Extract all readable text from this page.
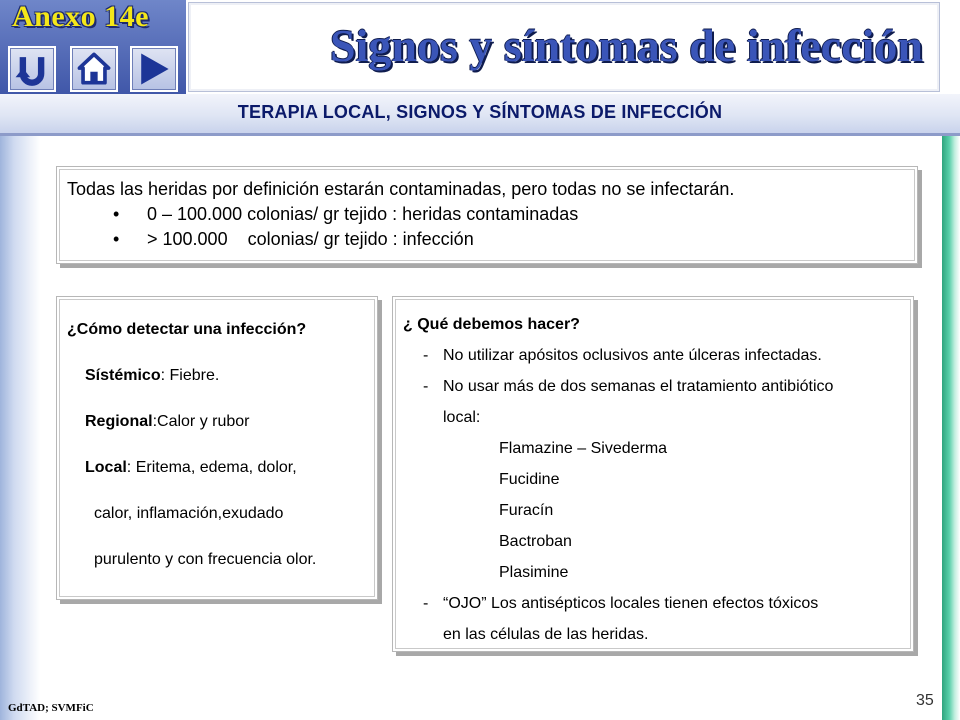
Anexo 14e
Signos y síntomas de infección
TERAPIA LOCAL, SIGNOS Y SÍNTOMAS DE INFECCIÓN
Todas las heridas por definición estarán contaminadas, pero todas no se infectarán.
•	0 – 100.000 colonias/ gr tejido : heridas contaminadas
•	> 100.000    colonias/ gr tejido : infección
¿Cómo detectar una infección?
Sístémico: Fiebre.
Regional:Calor y rubor
Local: Eritema, edema, dolor,
calor, inflamación,exudado
purulento y con frecuencia olor.
¿ Qué debemos hacer?
- No utilizar apósitos oclusivos ante úlceras infectadas.
- No usar más de dos semanas el tratamiento antibiótico
local:
Flamazine – Sivederma
Fucidine
Furacín
Bactroban
Plasimine
- “OJO” Los antisépticos locales tienen efectos tóxicos
en las células de las heridas.
GdTAD; SVMFiC	35
